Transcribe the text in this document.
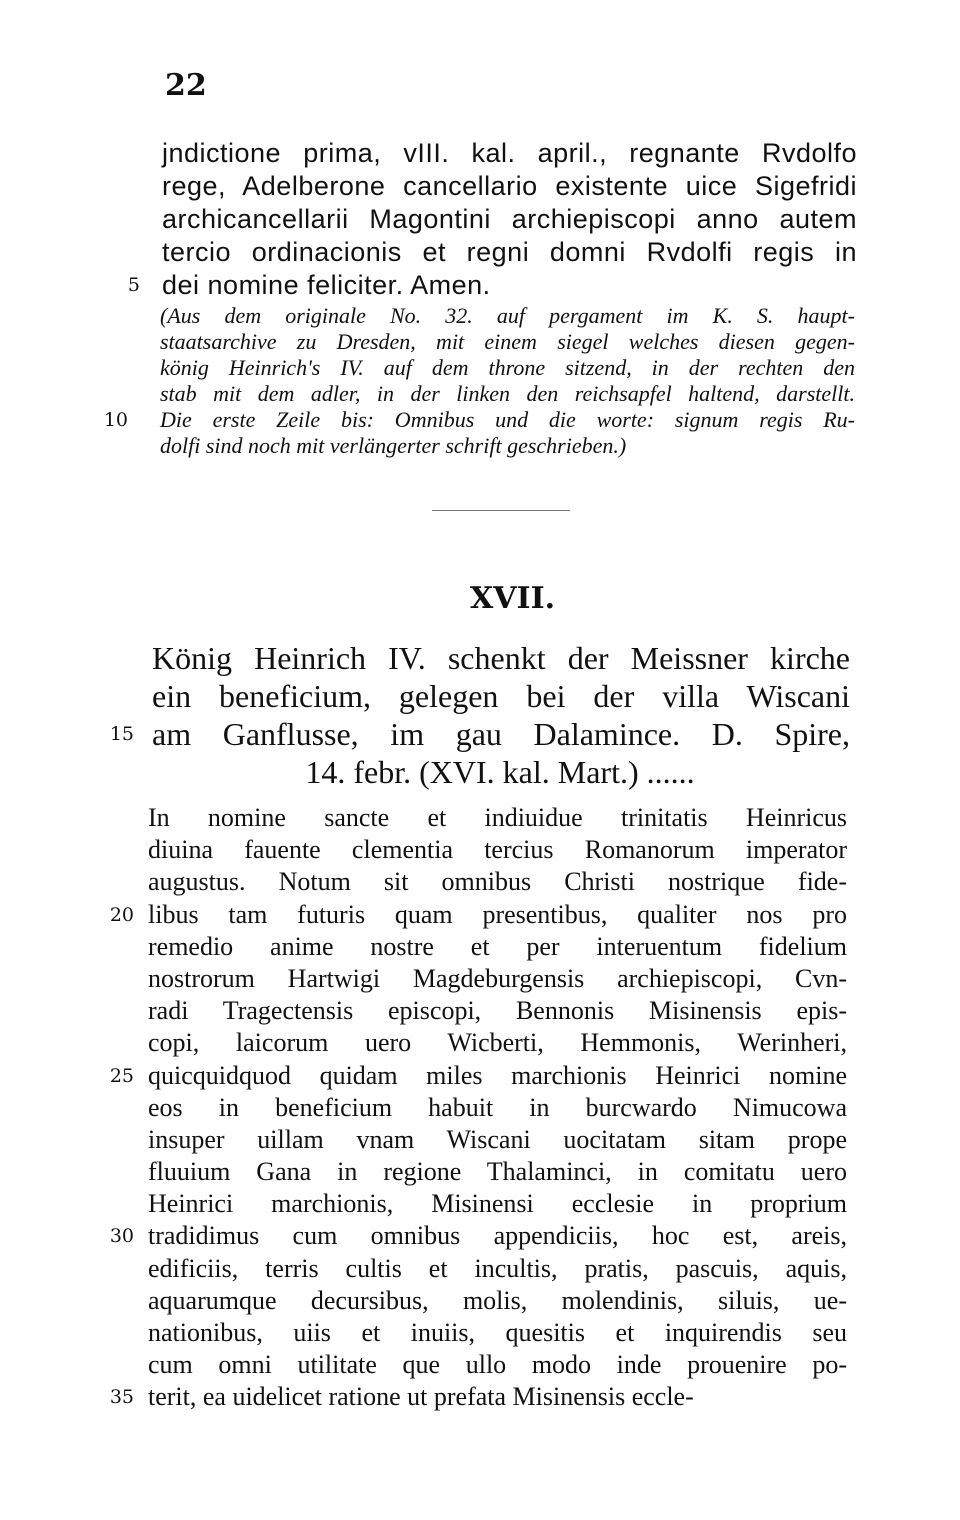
22
jndictione prima, vIII. kal. april., regnante Rvdolfo
rege, Adelberone cancellario existente uice Sigefridi
archicancellarii Magontini archiepiscopi anno autem
tercio ordinacionis et regni domni Rvdolfi regis in
5 dei nomine feliciter. Amen.
(Aus dem originale No. 32. auf pergament im K. S. haupt-
staatsarchive zu Dresden, mit einem siegel welches diesen gegen-
könig Heinrich's IV. auf dem throne sitzend, in der rechten den
stab mit dem adler, in der linken den reichsapfel haltend, darstellt.
10 Die erste Zeile bis: Omnibus und die worte: signum regis Ru-
dolfi sind noch mit verlängerter schrift geschrieben.)
XVII.
König Heinrich IV. schenkt der Meissner kirche
ein beneficium, gelegen bei der villa Wiscani
15 am Ganflusse, im gau Dalamince. D. Spire,
14. febr. (XVI. kal. Mart.) ......
In nomine sancte et indiuidue trinitatis Heinricus
diuina fauente clementia tercius Romanorum imperator
augustus. Notum sit omnibus Christi nostrique fide-
20 libus tam futuris quam presentibus, qualiter nos pro
remedio anime nostre et per interuentum fidelium
nostrorum Hartwigi Magdeburgensis archiepiscopi, Cvn-
radi Tragectensis episcopi, Bennonis Misinensis epis-
copi, laicorum uero Wicberti, Hemmonis, Werinheri,
25 quicquidquod quidam miles marchionis Heinrici nomine
eos in beneficium habuit in burcwardo Nimucowa
insuper uillam vnam Wiscani uocitatam sitam prope
fluuium Gana in regione Thalaminci, in comitatu uero
Heinrici marchionis, Misinensi ecclesie in proprium
30 tradidimus cum omnibus appendiciis, hoc est, areis,
edificiis, terris cultis et incultis, pratis, pascuis, aquis,
aquarumque decursibus, molis, molendinis, siluis, ue-
nationibus, uiis et inuiis, quesitis et inquirendis seu
cum omni utilitate que ullo modo inde prouenire po-
35 terit, ea uidelicet ratione ut prefata Misinensis eccle-
